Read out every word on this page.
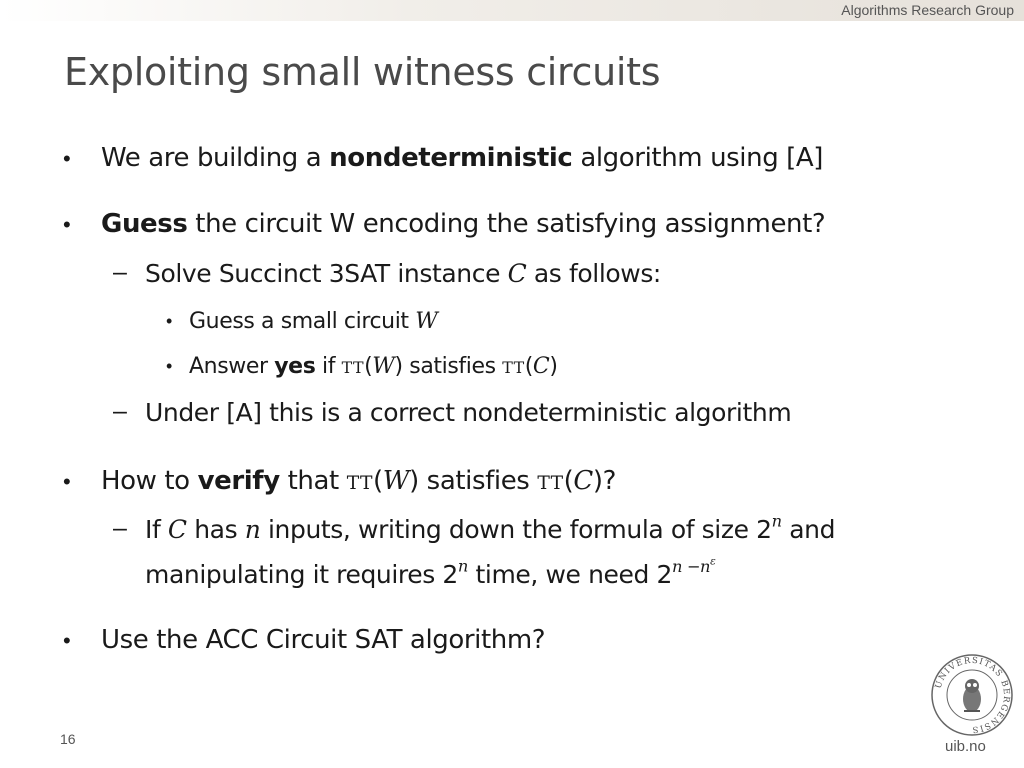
Algorithms Research Group
Exploiting small witness circuits
• We are building a nondeterministic algorithm using [A]
• Guess the circuit W encoding the satisfying assignment?
– Solve Succinct 3SAT instance C as follows:
• Guess a small circuit W
• Answer yes if TT(W) satisfies TT(C)
– Under [A] this is a correct nondeterministic algorithm
• How to verify that TT(W) satisfies TT(C)?
– If C has n inputs, writing down the formula of size 2$^n$ and
manipulating it requires 2$^n$ time, we need $2^{n -n^\varepsilon}$
• Use the ACC Circuit SAT algorithm?
16
UNIVERSITAS BERGENSIS
uib.no
